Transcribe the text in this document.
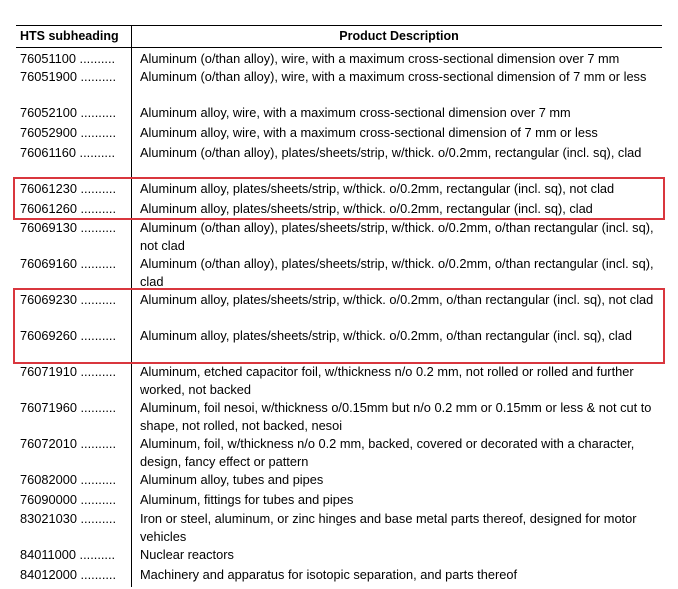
HTS subheading	Product Description
76051100 .......... Aluminum (o/than alloy), wire, with a maximum cross-sectional dimension over 7 mm
76051900 .......... Aluminum (o/than alloy), wire, with a maximum cross-sectional dimension of 7 mm or less
76052100 .......... Aluminum alloy, wire, with a maximum cross-sectional dimension over 7 mm
76052900 .......... Aluminum alloy, wire, with a maximum cross-sectional dimension of 7 mm or less
76061160 .......... Aluminum (o/than alloy), plates/sheets/strip, w/thick. o/0.2mm, rectangular (incl. sq), clad
76061230 .......... Aluminum alloy, plates/sheets/strip, w/thick. o/0.2mm, rectangular (incl. sq), not clad
76061260 .......... Aluminum alloy, plates/sheets/strip, w/thick. o/0.2mm, rectangular (incl. sq), clad
76069130 .......... Aluminum (o/than alloy), plates/sheets/strip, w/thick. o/0.2mm, o/than rectangular (incl. sq), not clad
76069160 .......... Aluminum (o/than alloy), plates/sheets/strip, w/thick. o/0.2mm, o/than rectangular (incl. sq), clad
76069230 .......... Aluminum alloy, plates/sheets/strip, w/thick. o/0.2mm, o/than rectangular (incl. sq), not clad
76069260 .......... Aluminum alloy, plates/sheets/strip, w/thick. o/0.2mm, o/than rectangular (incl. sq), clad
76071910 .......... Aluminum, etched capacitor foil, w/thickness n/o 0.2 mm, not rolled or rolled and further worked, not backed
76071960 .......... Aluminum, foil nesoi, w/thickness o/0.15mm but n/o 0.2 mm or 0.15mm or less & not cut to shape, not rolled, not backed, nesoi
76072010 .......... Aluminum, foil, w/thickness n/o 0.2 mm, backed, covered or decorated with a character, design, fancy effect or pattern
76082000 .......... Aluminum alloy, tubes and pipes
76090000 .......... Aluminum, fittings for tubes and pipes
83021030 .......... Iron or steel, aluminum, or zinc hinges and base metal parts thereof, designed for motor vehicles
84011000 .......... Nuclear reactors
84012000 .......... Machinery and apparatus for isotopic separation, and parts thereof
